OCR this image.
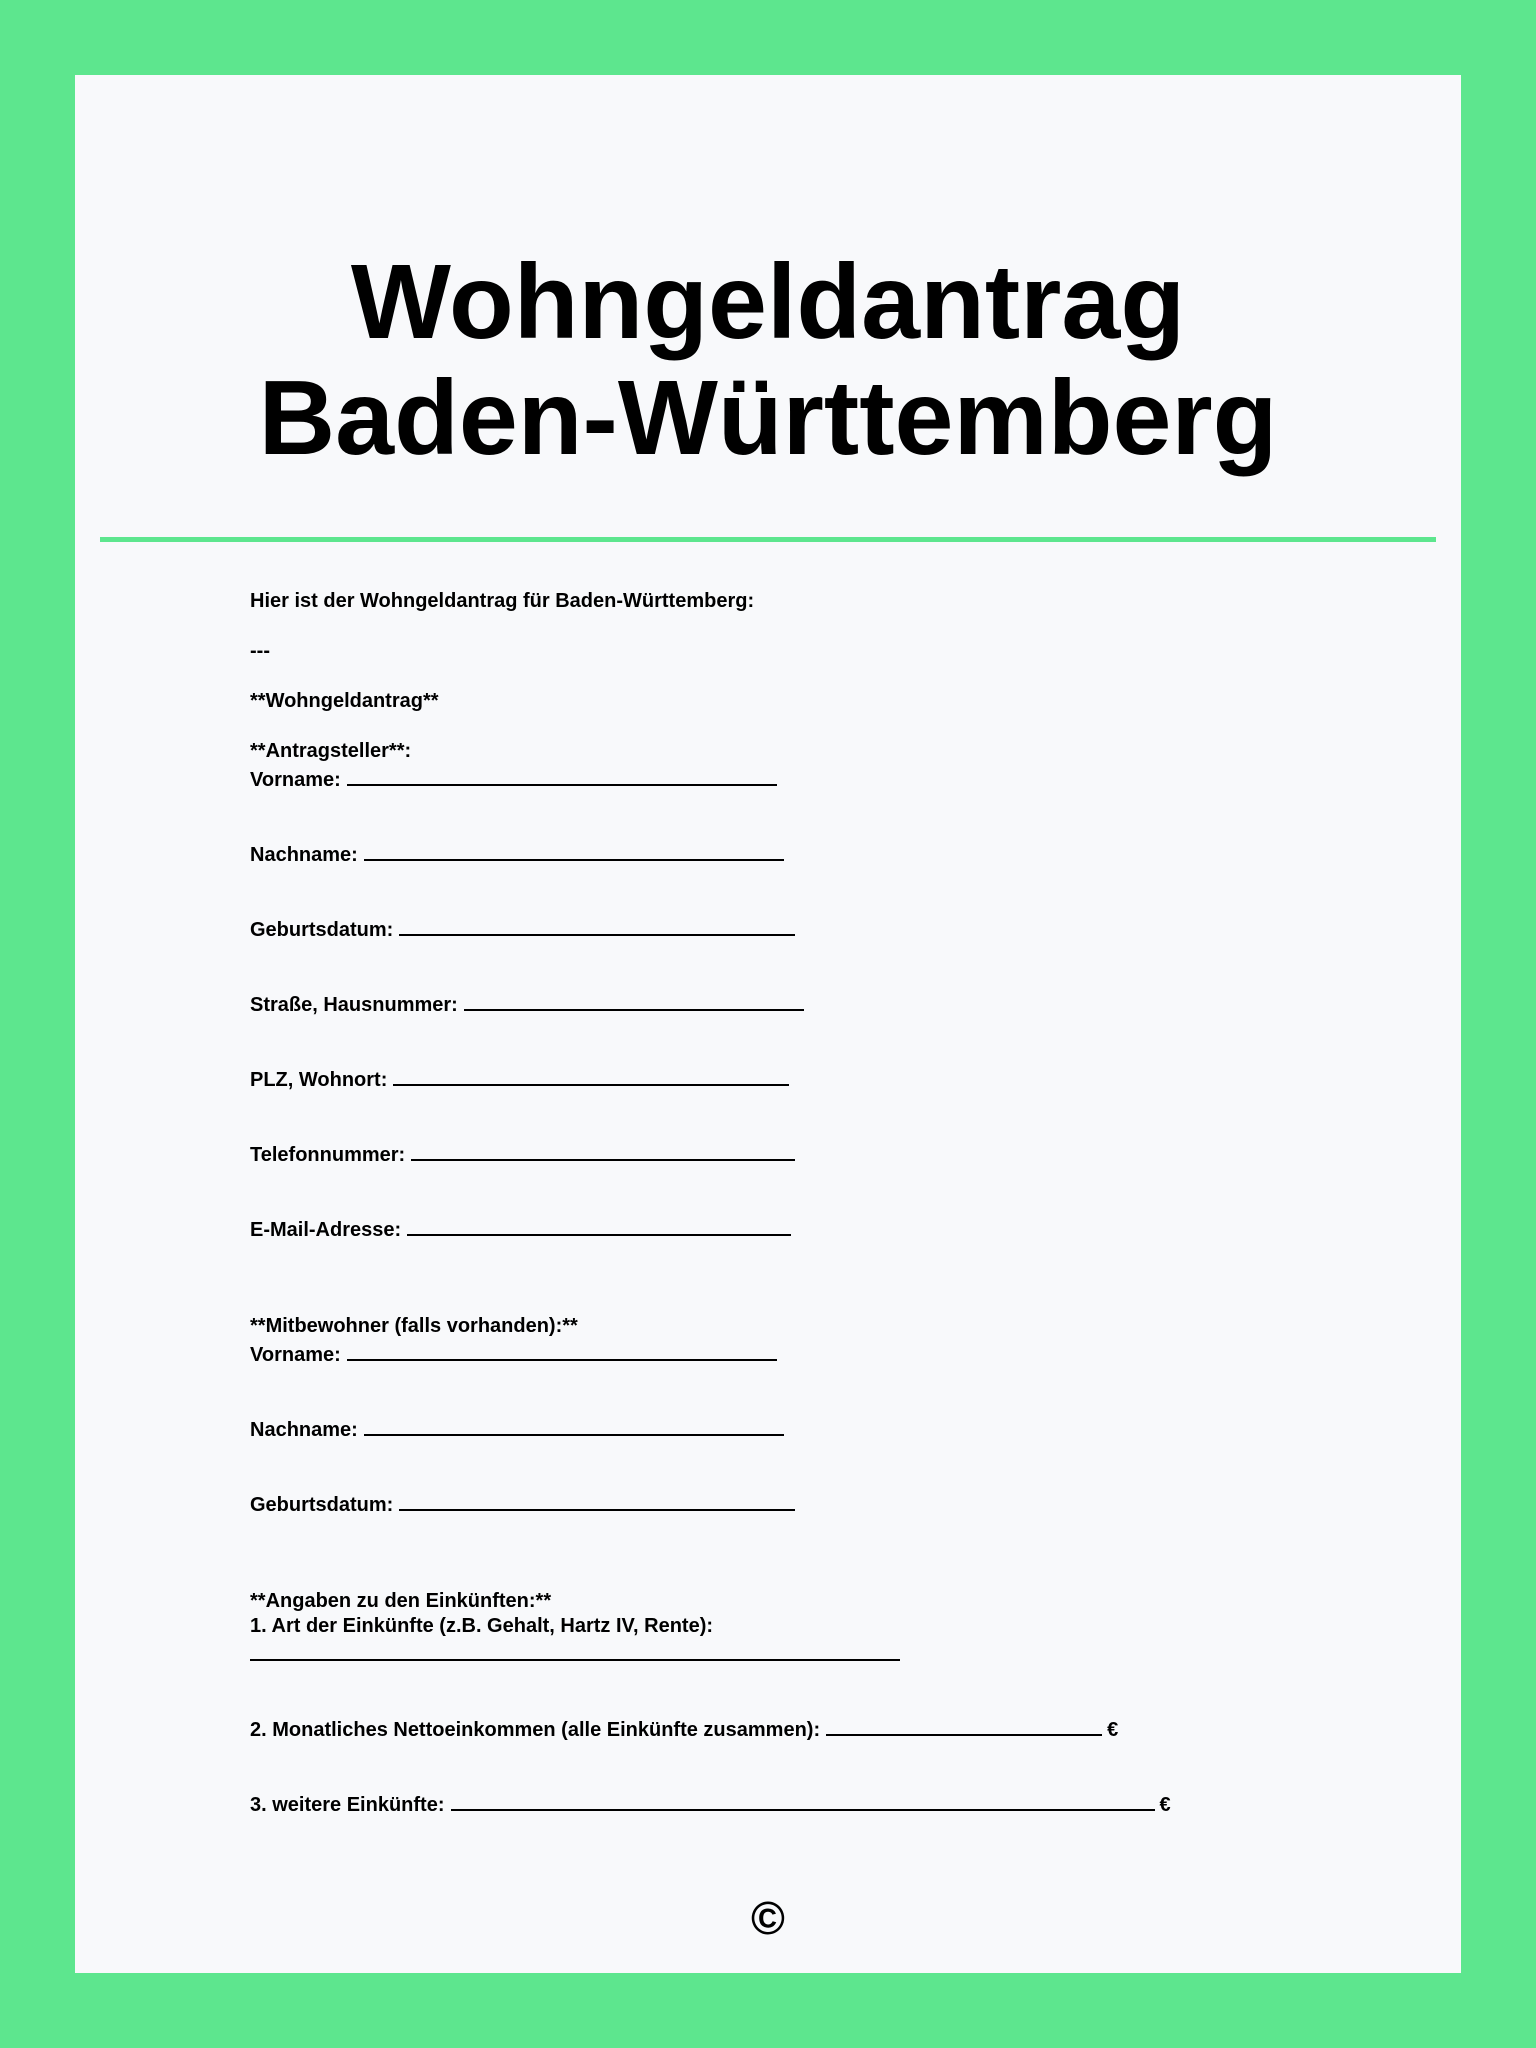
Wohngeldantrag
Baden-Württemberg
Hier ist der Wohngeldantrag für Baden-Württemberg:
---
**Wohngeldantrag**
**Antragsteller**:
Vorname:
Nachname:
Geburtsdatum:
Straße, Hausnummer:
PLZ, Wohnort:
Telefonnummer:
E-Mail-Adresse:
**Mitbewohner (falls vorhanden):**
Vorname:
Nachname:
Geburtsdatum:
**Angaben zu den Einkünften:**
1. Art der Einkünfte (z.B. Gehalt, Hartz IV, Rente):
2. Monatliches Nettoeinkommen (alle Einkünfte zusammen):	€
3. weitere Einkünfte:	€
©
